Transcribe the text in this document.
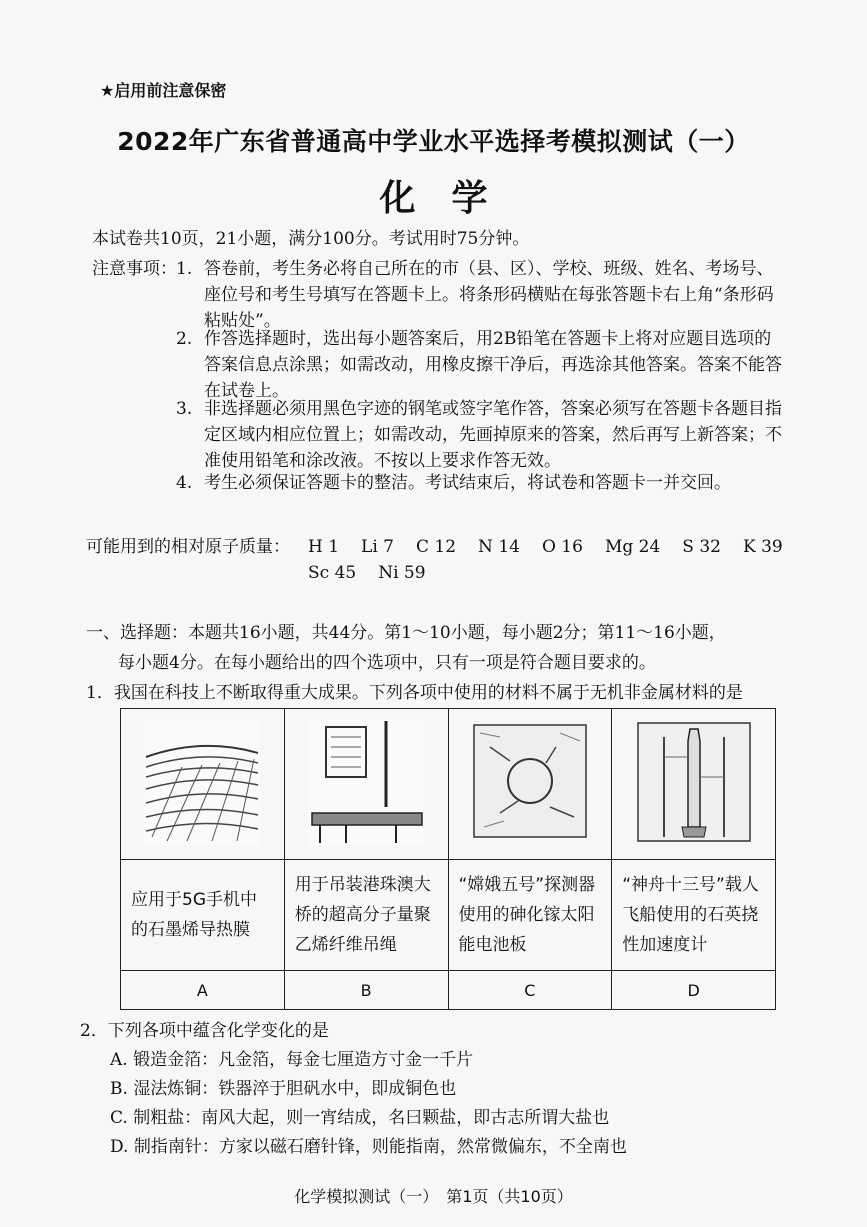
★启用前注意保密
2022年广东省普通高中学业水平选择考模拟测试（一）
化学
本试卷共10页，21小题，满分100分。考试用时75分钟。
注意事项： 1. 答卷前，考生务必将自己所在的市（县、区）、学校、班级、姓名、考场号、座位号和考生号填写在答题卡上。将条形码横贴在每张答题卡右上角“条形码粘贴处”。
2. 作答选择题时，选出每小题答案后，用2B铅笔在答题卡上将对应题目选项的答案信息点涂黑；如需改动，用橡皮擦干净后，再选涂其他答案。答案不能答在试卷上。
3. 非选择题必须用黑色字迹的钢笔或签字笔作答，答案必须写在答题卡各题目指定区域内相应位置上；如需改动，先画掉原来的答案，然后再写上新答案；不准使用铅笔和涂改液。不按以上要求作答无效。
4. 考生必须保证答题卡的整洁。考试结束后，将试卷和答题卡一并交回。
可能用到的相对原子质量： H 1 Li 7 C 12 N 14 O 16 Mg 24 S 32 K 39
Sc 45 Ni 59
一、选择题：本题共16小题，共44分。第1～10小题，每小题2分；第11～16小题，
每小题4分。在每小题给出的四个选项中，只有一项是符合题目要求的。
1．我国在科技上不断取得重大成果。下列各项中使用的材料不属于无机非金属材料的是

应用于5G手机中的石墨烯导热膜	用于吊装港珠澳大桥的超高分子量聚乙烯纤维吊绳	“嫦娥五号”探测器使用的砷化镓太阳能电池板	“神舟十三号”载人飞船使用的石英挠性加速度计
A	B	C	D
2．下列各项中蕴含化学变化的是
A. 锻造金箔：凡金箔，每金七厘造方寸金一千片
B. 湿法炼铜：铁器淬于胆矾水中，即成铜色也
C. 制粗盐：南风大起，则一宵结成，名曰颗盐，即古志所谓大盐也
D. 制指南针：方家以磁石磨针锋，则能指南，然常微偏东，不全南也
化学模拟测试（一）　第1页（共10页）
